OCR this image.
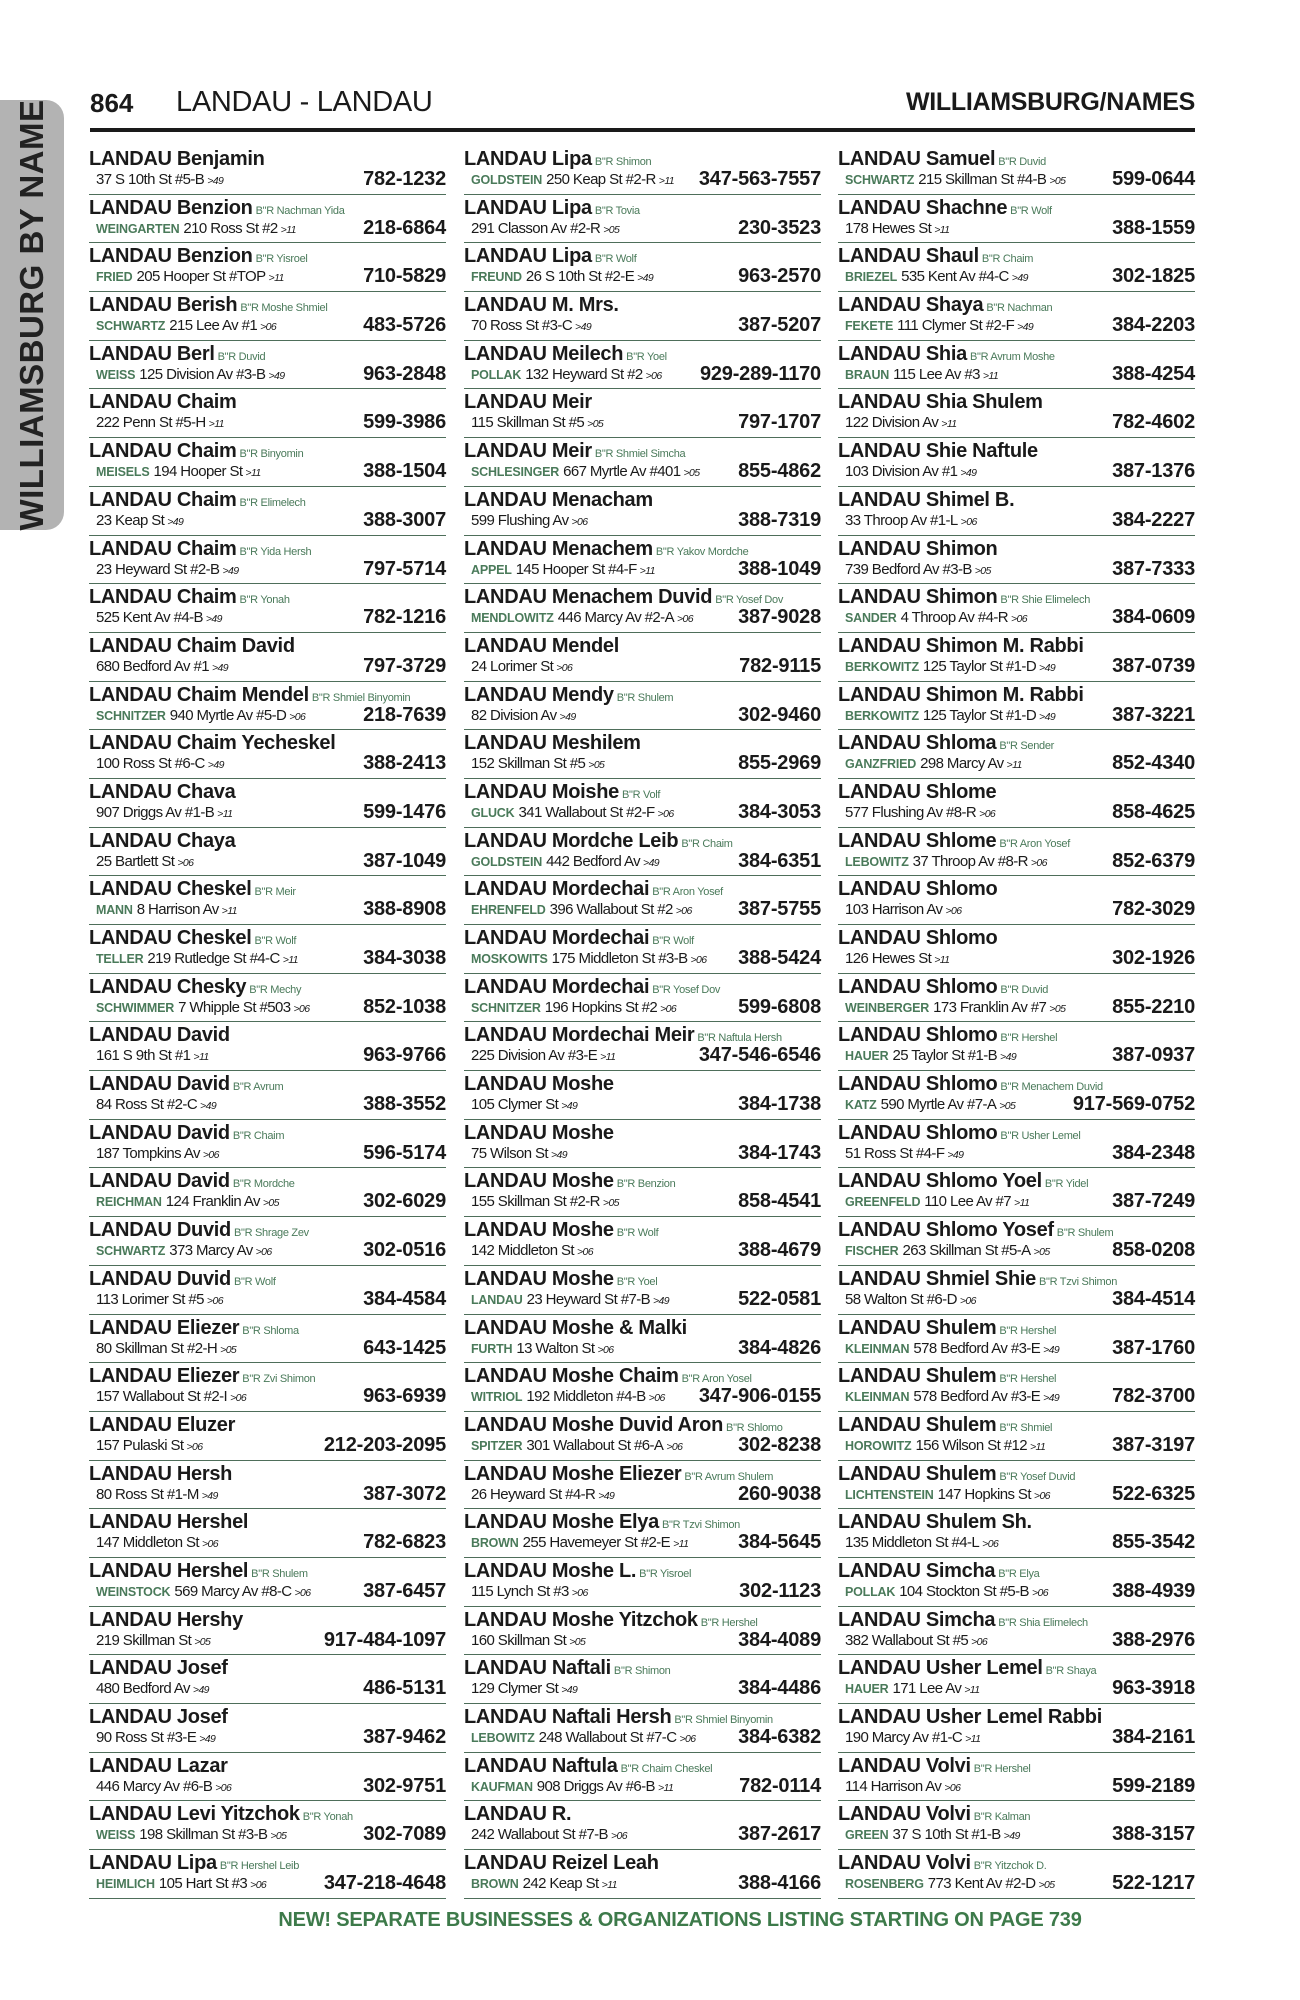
WILLIAMSBURG BY NAME 864 LANDAU - LANDAU	WILLIAMSBURG/NAMES
LANDAU Benjamin
37 S 10th St #5-B >49	782-1232
LANDAU Benzion B"R Nachman Yida
WEINGARTEN 210 Ross St #2 >11	218-6864
LANDAU Benzion B"R Yisroel
FRIED 205 Hooper St #TOP >11	710-5829
LANDAU Berish B"R Moshe Shmiel
SCHWARTZ 215 Lee Av #1 >06	483-5726
LANDAU Berl B"R Duvid
WEISS 125 Division Av #3-B >49	963-2848
LANDAU Chaim
222 Penn St #5-H >11	599-3986
LANDAU Chaim B"R Binyomin
MEISELS 194 Hooper St >11	388-1504
LANDAU Chaim B"R Elimelech
23 Keap St >49	388-3007
LANDAU Chaim B"R Yida Hersh
23 Heyward St #2-B >49	797-5714
LANDAU Chaim B"R Yonah
525 Kent Av #4-B >49	782-1216
LANDAU Chaim David
680 Bedford Av #1 >49	797-3729
LANDAU Chaim Mendel B"R Shmiel Binyomin
SCHNITZER 940 Myrtle Av #5-D >06	218-7639
LANDAU Chaim Yecheskel
100 Ross St #6-C >49	388-2413
LANDAU Chava
907 Driggs Av #1-B >11	599-1476
LANDAU Chaya
25 Bartlett St >06	387-1049
LANDAU Cheskel B"R Meir
MANN 8 Harrison Av >11	388-8908
LANDAU Cheskel B"R Wolf
TELLER 219 Rutledge St #4-C >11	384-3038
LANDAU Chesky B"R Mechy
SCHWIMMER 7 Whipple St #503 >06	852-1038
LANDAU David
161 S 9th St #1 >11	963-9766
LANDAU David B"R Avrum
84 Ross St #2-C >49	388-3552
LANDAU David B"R Chaim
187 Tompkins Av >06	596-5174
LANDAU David B"R Mordche
REICHMAN 124 Franklin Av >05	302-6029
LANDAU Duvid B"R Shrage Zev
SCHWARTZ 373 Marcy Av >06	302-0516
LANDAU Duvid B"R Wolf
113 Lorimer St #5 >06	384-4584
LANDAU Eliezer B"R Shloma
80 Skillman St #2-H >05	643-1425
LANDAU Eliezer B"R Zvi Shimon
157 Wallabout St #2-I >06	963-6939
LANDAU Eluzer
157 Pulaski St >06	212-203-2095
LANDAU Hersh
80 Ross St #1-M >49	387-3072
LANDAU Hershel
147 Middleton St >06	782-6823
LANDAU Hershel B"R Shulem
WEINSTOCK 569 Marcy Av #8-C >06	387-6457
LANDAU Hershy
219 Skillman St >05	917-484-1097
LANDAU Josef
480 Bedford Av >49	486-5131
LANDAU Josef
90 Ross St #3-E >49	387-9462
LANDAU Lazar
446 Marcy Av #6-B >06	302-9751
LANDAU Levi Yitzchok B"R Yonah
WEISS 198 Skillman St #3-B >05	302-7089
LANDAU Lipa B"R Hershel Leib
HEIMLICH 105 Hart St #3 >06	347-218-4648
LANDAU Lipa B"R Shimon
GOLDSTEIN 250 Keap St #2-R >11 347-563-7557
LANDAU Lipa B"R Tovia
291 Classon Av #2-R >05	230-3523
LANDAU Lipa B"R Wolf
FREUND 26 S 10th St #2-E >49	963-2570
LANDAU M. Mrs.
70 Ross St #3-C >49	387-5207
LANDAU Meilech B"R Yoel
POLLAK 132 Heyward St #2 >06 929-289-1170
LANDAU Meir
115 Skillman St #5 >05	797-1707
LANDAU Meir B"R Shmiel Simcha
SCHLESINGER 667 Myrtle Av #401 >05 855-4862
LANDAU Menacham
599 Flushing Av >06	388-7319
LANDAU Menachem B"R Yakov Mordche
APPEL 145 Hooper St #4-F >11	388-1049
LANDAU Menachem Duvid B"R Yosef Dov
MENDLOWITZ 446 Marcy Av #2-A >06 387-9028
LANDAU Mendel
24 Lorimer St >06	782-9115
LANDAU Mendy B"R Shulem
82 Division Av >49	302-9460
LANDAU Meshilem
152 Skillman St #5 >05	855-2969
LANDAU Moishe B"R Volf
GLUCK 341 Wallabout St #2-F >06	384-3053
LANDAU Mordche Leib B"R Chaim
GOLDSTEIN 442 Bedford Av >49	384-6351
LANDAU Mordechai B"R Aron Yosef
EHRENFELD 396 Wallabout St #2 >06 387-5755
LANDAU Mordechai B"R Wolf
MOSKOWITS 175 Middleton St #3-B >06 388-5424
LANDAU Mordechai B"R Yosef Dov
SCHNITZER 196 Hopkins St #2 >06	599-6808
LANDAU Mordechai Meir B"R Naftula Hersh
225 Division Av #3-E >11	347-546-6546
LANDAU Moshe
105 Clymer St >49	384-1738
LANDAU Moshe
75 Wilson St >49	384-1743
LANDAU Moshe B"R Benzion
155 Skillman St #2-R >05	858-4541
LANDAU Moshe B"R Wolf
142 Middleton St >06	388-4679
LANDAU Moshe B"R Yoel
LANDAU 23 Heyward St #7-B >49	522-0581
LANDAU Moshe & Malki
FURTH 13 Walton St >06	384-4826
LANDAU Moshe Chaim B"R Aron Yosel
WITRIOL 192 Middleton #4-B >06 347-906-0155
LANDAU Moshe Duvid Aron B"R Shlomo
SPITZER 301 Wallabout St #6-A >06	302-8238
LANDAU Moshe Eliezer B"R Avrum Shulem
26 Heyward St #4-R >49	260-9038
LANDAU Moshe Elya B"R Tzvi Shimon
BROWN 255 Havemeyer St #2-E >11 384-5645
LANDAU Moshe L. B"R Yisroel
115 Lynch St #3 >06	302-1123
LANDAU Moshe Yitzchok B"R Hershel
160 Skillman St >05	384-4089
LANDAU Naftali B"R Shimon
129 Clymer St >49	384-4486
LANDAU Naftali Hersh B"R Shmiel Binyomin
LEBOWITZ 248 Wallabout St #7-C >06 384-6382
LANDAU Naftula B"R Chaim Cheskel
KAUFMAN 908 Driggs Av #6-B >11	782-0114
LANDAU R.
242 Wallabout St #7-B >06	387-2617
LANDAU Reizel Leah
BROWN 242 Keap St >11	388-4166
LANDAU Samuel B"R Duvid
SCHWARTZ 215 Skillman St #4-B >05 599-0644
LANDAU Shachne B"R Wolf
178 Hewes St >11	388-1559
LANDAU Shaul B"R Chaim
BRIEZEL 535 Kent Av #4-C >49	302-1825
LANDAU Shaya B"R Nachman
FEKETE 111 Clymer St #2-F >49	384-2203
LANDAU Shia B"R Avrum Moshe
BRAUN 115 Lee Av #3 >11	388-4254
LANDAU Shia Shulem
122 Division Av >11	782-4602
LANDAU Shie Naftule
103 Division Av #1 >49	387-1376
LANDAU Shimel B.
33 Throop Av #1-L >06	384-2227
LANDAU Shimon
739 Bedford Av #3-B >05	387-7333
LANDAU Shimon B"R Shie Elimelech
SANDER 4 Throop Av #4-R >06	384-0609
LANDAU Shimon M. Rabbi
BERKOWITZ 125 Taylor St #1-D >49	387-0739
LANDAU Shimon M. Rabbi
BERKOWITZ 125 Taylor St #1-D >49	387-3221
LANDAU Shloma B"R Sender
GANZFRIED 298 Marcy Av >11	852-4340
LANDAU Shlome
577 Flushing Av #8-R >06	858-4625
LANDAU Shlome B"R Aron Yosef
LEBOWITZ 37 Throop Av #8-R >06	852-6379
LANDAU Shlomo
103 Harrison Av >06	782-3029
LANDAU Shlomo
126 Hewes St >11	302-1926
LANDAU Shlomo B"R Duvid
WEINBERGER 173 Franklin Av #7 >05 855-2210
LANDAU Shlomo B"R Hershel
HAUER 25 Taylor St #1-B >49	387-0937
LANDAU Shlomo B"R Menachem Duvid
KATZ 590 Myrtle Av #7-A >05	917-569-0752
LANDAU Shlomo B"R Usher Lemel
51 Ross St #4-F >49	384-2348
LANDAU Shlomo Yoel B"R Yidel
GREENFELD 110 Lee Av #7 >11	387-7249
LANDAU Shlomo Yosef B"R Shulem
FISCHER 263 Skillman St #5-A >05	858-0208
LANDAU Shmiel Shie B"R Tzvi Shimon
58 Walton St #6-D >06	384-4514
LANDAU Shulem B"R Hershel
KLEINMAN 578 Bedford Av #3-E >49	387-1760
LANDAU Shulem B"R Hershel
KLEINMAN 578 Bedford Av #3-E >49	782-3700
LANDAU Shulem B"R Shmiel
HOROWITZ 156 Wilson St #12 >11	387-3197
LANDAU Shulem B"R Yosef Duvid
LICHTENSTEIN 147 Hopkins St >06	522-6325
LANDAU Shulem Sh.
135 Middleton St #4-L >06	855-3542
LANDAU Simcha B"R Elya
POLLAK 104 Stockton St #5-B >06	388-4939
LANDAU Simcha B"R Shia Elimelech
382 Wallabout St #5 >06	388-2976
LANDAU Usher Lemel B"R Shaya
HAUER 171 Lee Av >11	963-3918
LANDAU Usher Lemel Rabbi
190 Marcy Av #1-C >11	384-2161
LANDAU Volvi B"R Hershel
114 Harrison Av >06	599-2189
LANDAU Volvi B"R Kalman
GREEN 37 S 10th St #1-B >49	388-3157
LANDAU Volvi B"R Yitzchok D.
ROSENBERG 773 Kent Av #2-D >05	522-1217
NEW! SEPARATE BUSINESSES & ORGANIZATIONS LISTING STARTING ON PAGE 739
